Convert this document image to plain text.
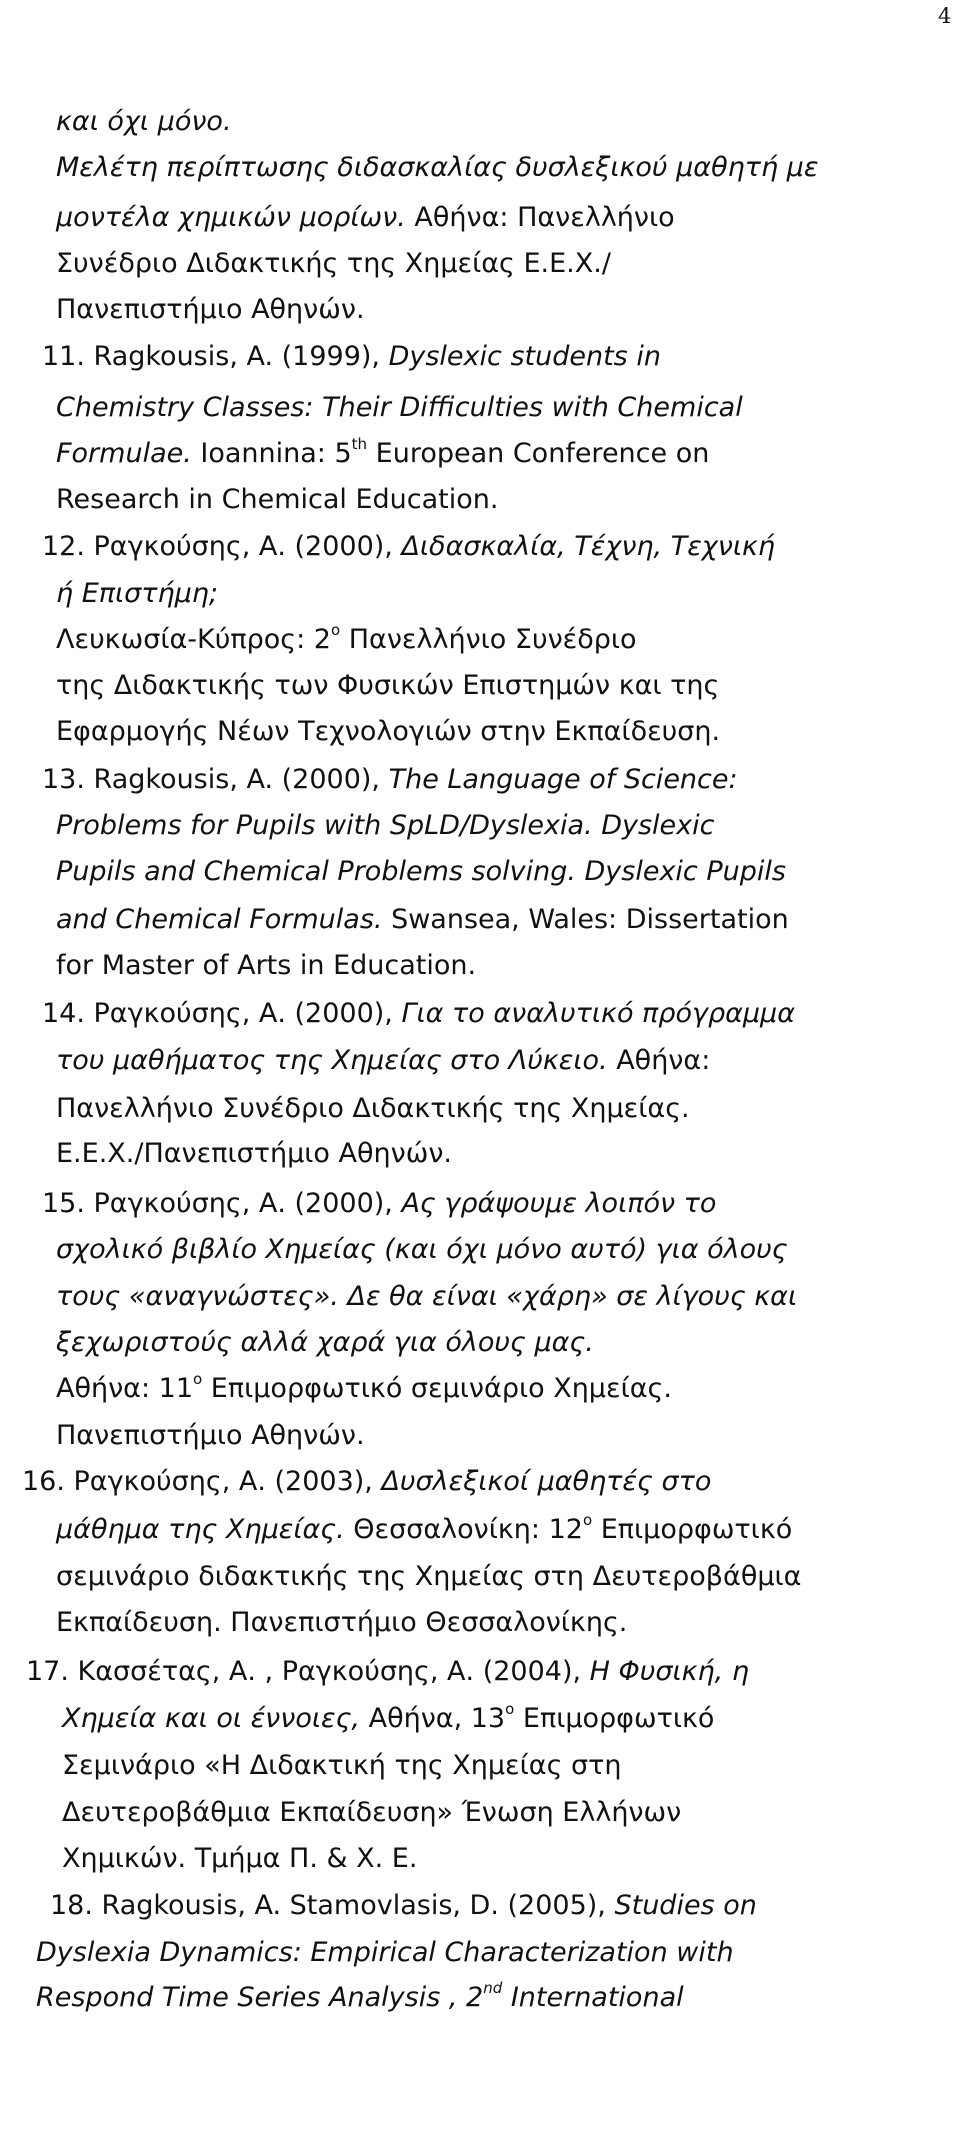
4
και όχι μόνο.
Μελέτη περίπτωσης διδασκαλίας δυσλεξικού μαθητή με
μοντέλα χημικών μορίων. Αθήνα: Πανελλήνιο
Συνέδριο Διδακτικής της Χημείας Ε.Ε.Χ./
Πανεπιστήμιο Αθηνών.
11. Ragkousis, A. (1999), Dyslexic students in
Chemistry Classes: Their Difficulties with Chemical
Formulae. Ioannina: 5th European Conference on
Research in Chemical Education.
12. Ραγκούσης, Α. (2000), Διδασκαλία, Τέχνη, Τεχνική
ή Επιστήμη;
Λευκωσία-Κύπρος: $2^o$ Πανελλήνιο Συνέδριο
της Διδακτικής των Φυσικών Επιστημών και της
Εφαρμογής Νέων Τεχνολογιών στην Εκπαίδευση.
13. Ragkousis, A. (2000), The Language of Science:
Problems for Pupils with SpLD/Dyslexia. Dyslexic
Pupils and Chemical Problems solving. Dyslexic Pupils
and Chemical Formulas. Swansea, Wales: Dissertation
for Master of Arts in Education.
14. Ραγκούσης, Α. (2000), Για το αναλυτικό πρόγραμμα
του μαθήματος της Χημείας στο Λύκειο. Αθήνα:
Πανελλήνιο Συνέδριο Διδακτικής της Χημείας.
Ε.Ε.Χ./Πανεπιστήμιο Αθηνών.
15. Ραγκούσης, Α. (2000), Ας γράψουμε λοιπόν το
σχολικό βιβλίο Χημείας (και όχι μόνο αυτό) για όλους
τους «αναγνώστες». Δε θα είναι «χάρη» σε λίγους και
ξεχωριστούς αλλά χαρά για όλους μας.
Αθήνα: $11^o$ Επιμορφωτικό σεμινάριο Χημείας.
Πανεπιστήμιο Αθηνών.
16. Ραγκούσης, Α. (2003), Δυσλεξικοί μαθητές στο
μάθημα της Χημείας. Θεσσαλονίκη: $12^o$ Επιμορφωτικό
σεμινάριο διδακτικής της Χημείας στη Δευτεροβάθμια
Εκπαίδευση. Πανεπιστήμιο Θεσσαλονίκης.
17. Κασσέτας, Α. , Ραγκούσης, Α. (2004), Η Φυσική, η
Χημεία και οι έννοιες, Αθήνα, $13^o$ Επιμορφωτικό
Σεμινάριο «Η Διδακτική της Χημείας στη
Δευτεροβάθμια Εκπαίδευση» Ένωση Ελλήνων
Χημικών. Τμήμα Π. & Χ. Ε.
18. Ragkousis, A. Stamovlasis, D. (2005), Studies on
Dyslexia Dynamics: Empirical Characterization with
Respond Time Series Analysis , 2nd International
